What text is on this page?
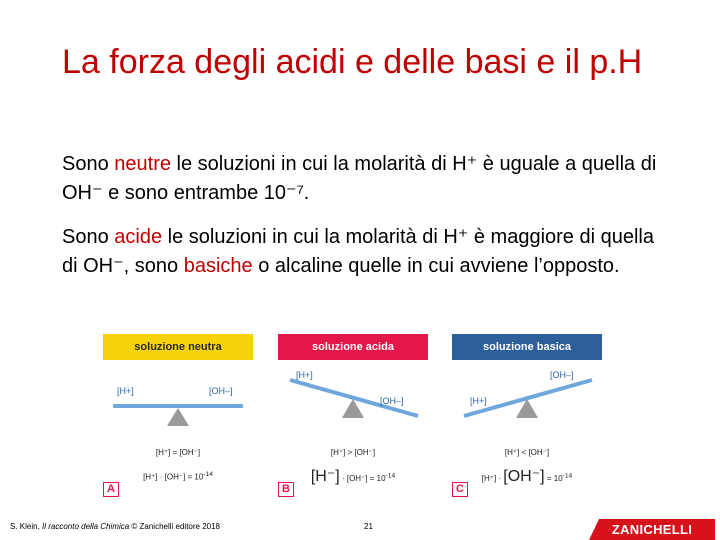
La forza degli acidi e delle basi e il p.H

Sono neutre le soluzioni in cui la molarità di H⁺ è uguale a quella di OH⁻ e sono entrambe 10⁻⁷.

Sono acide le soluzioni in cui la molarità di H⁺ è maggiore di quella di OH⁻, sono basiche o alcaline quelle in cui avviene l’opposto.

soluzione neutra
[H+]	[OH–]
[H⁺] = [OH⁻]
$[H^+] \cdot [OH^-] = 10^{-14}$
A
soluzione acida
[H+]
[OH–]
[H⁺] > [OH⁻]
$[H^-] \cdot [OH^-] = 10^{-14}$
B
soluzione basica
[H+]
[OH–]
[H⁺] < [OH⁻]
$[H^+] \cdot [OH^-] = 10^{-14}$
C
S. Klein, Il racconto della Chimica © Zanichelli editore 2018	21	ZANICHELLI
